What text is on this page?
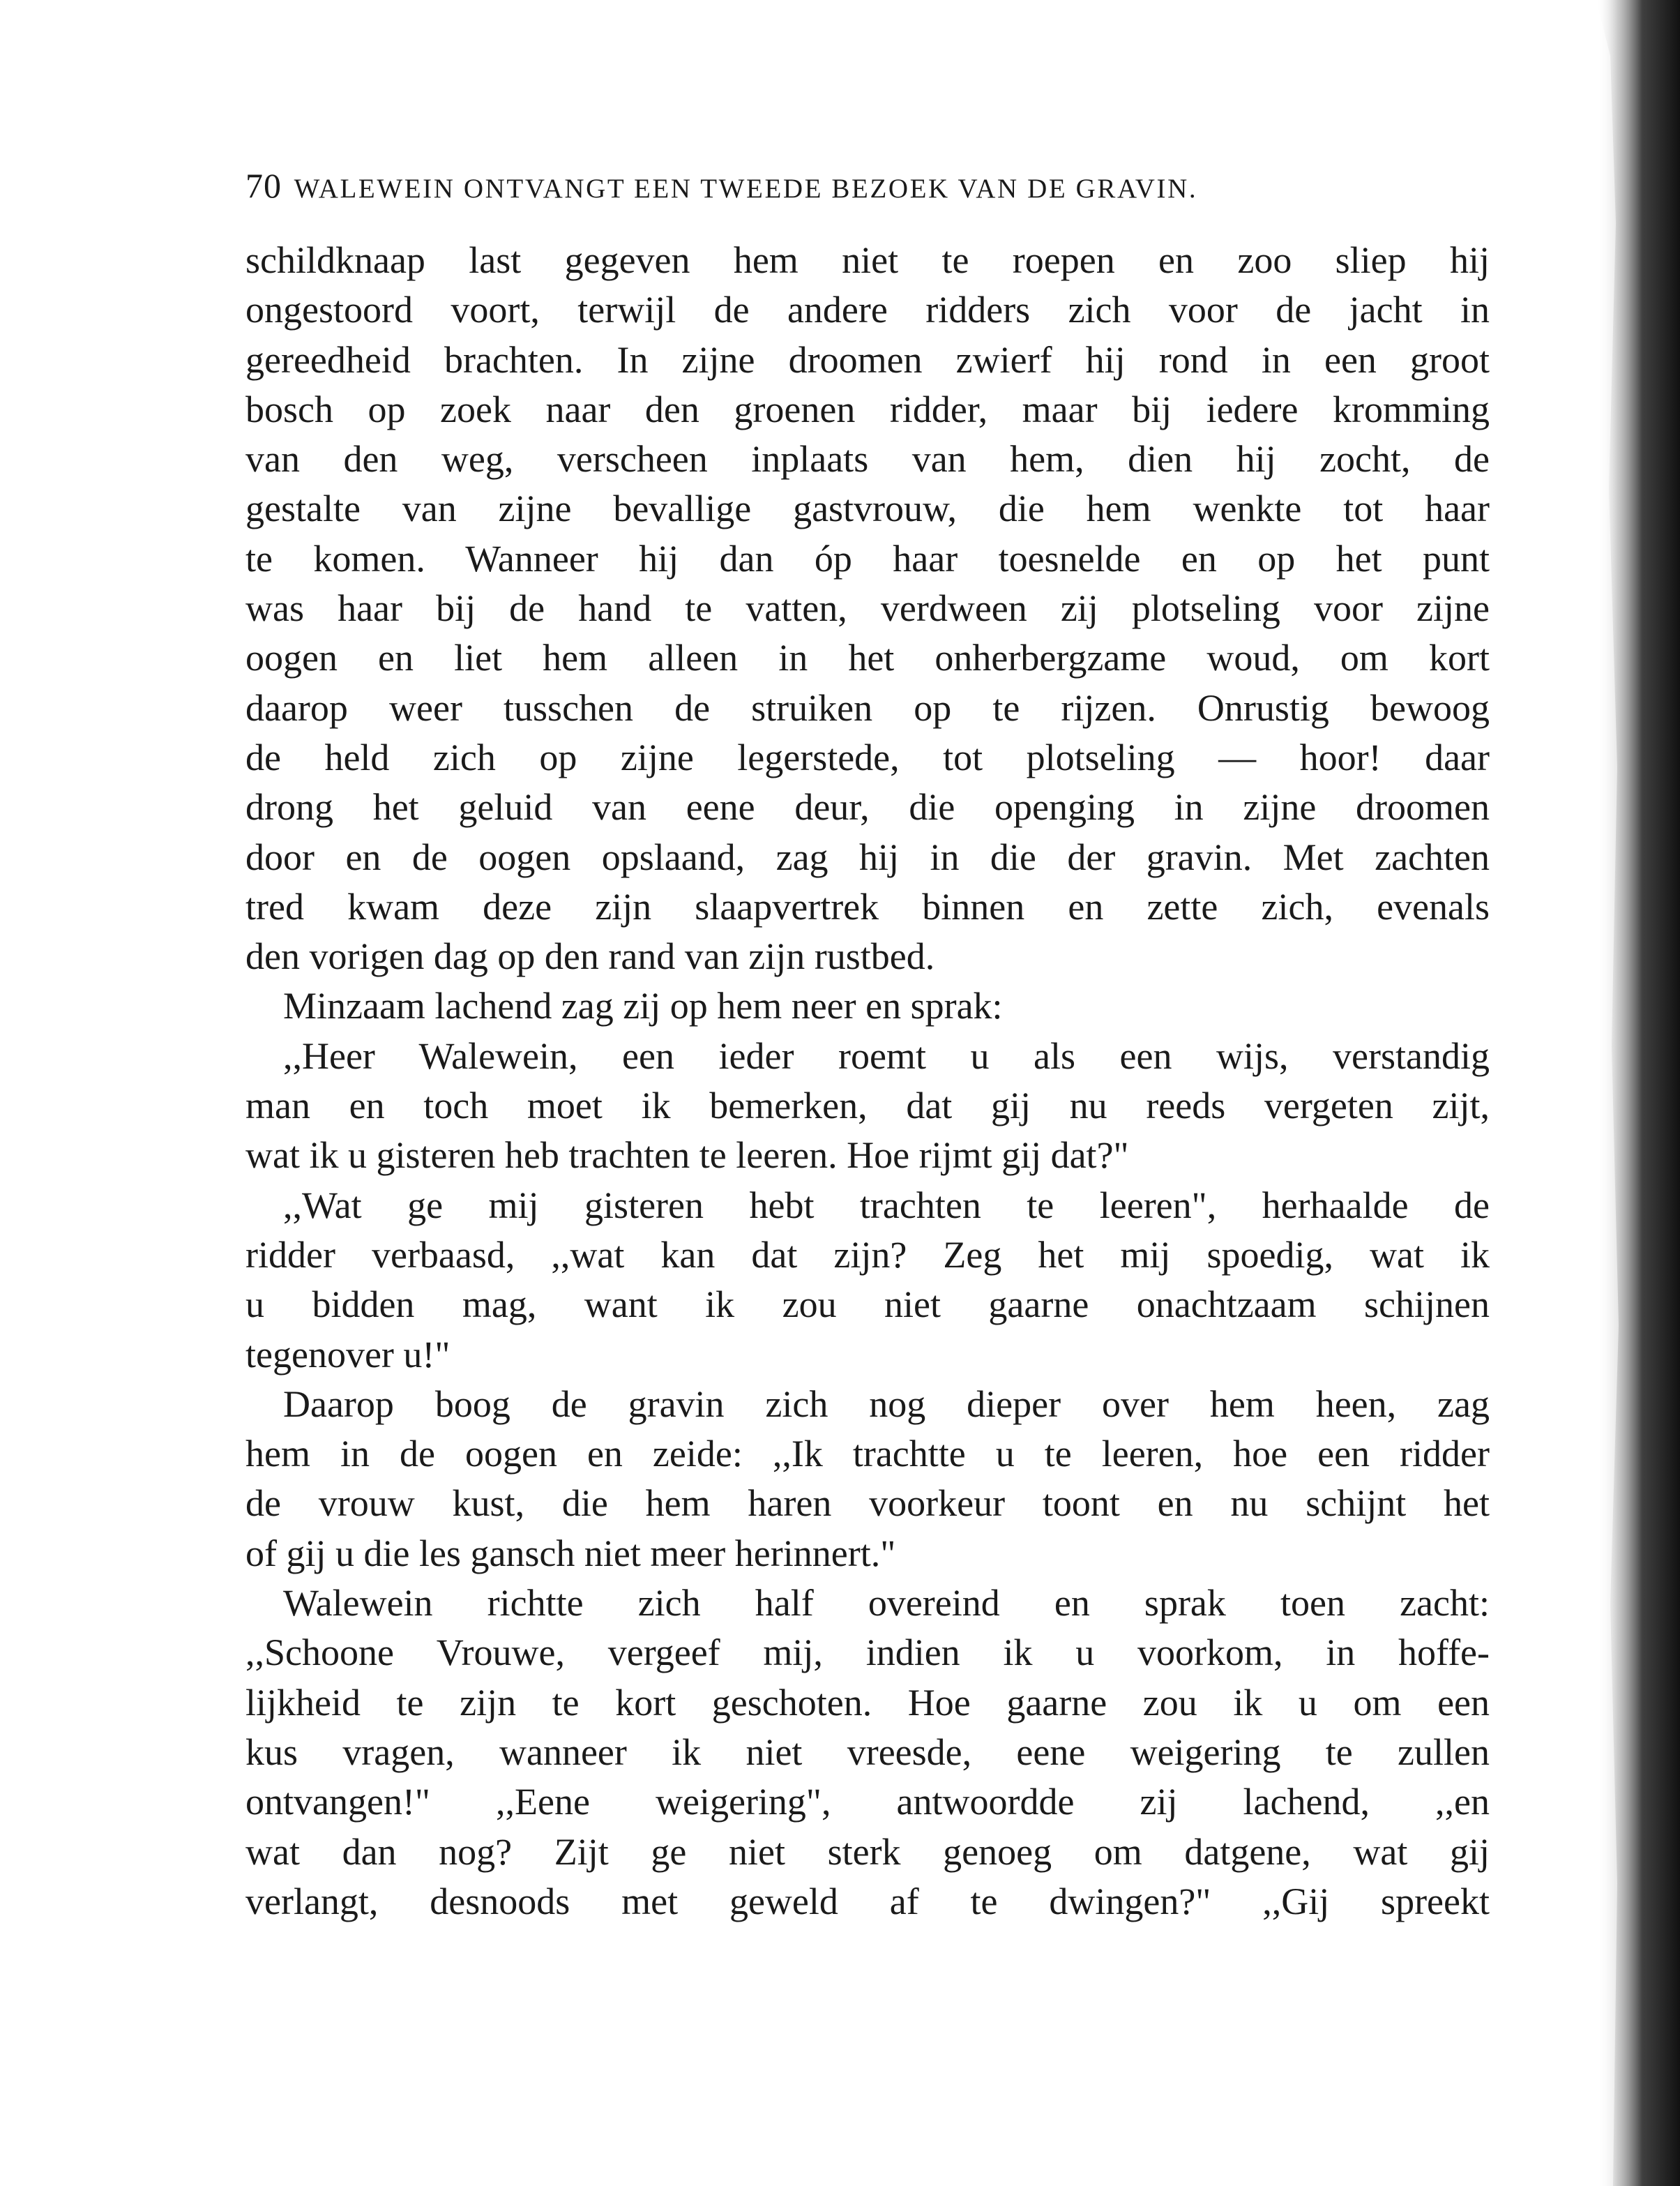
70 WALEWEIN ONTVANGT EEN TWEEDE BEZOEK VAN DE GRAVIN.
schildknaap last gegeven hem niet te roepen en zoo sliep hij
ongestoord voort, terwijl de andere ridders zich voor de jacht in
gereedheid brachten. In zijne droomen zwierf hij rond in een groot
bosch op zoek naar den groenen ridder, maar bij iedere kromming
van den weg, verscheen inplaats van hem, dien hij zocht, de
gestalte van zijne bevallige gastvrouw, die hem wenkte tot haar
te komen. Wanneer hij dan óp haar toesnelde en op het punt
was haar bij de hand te vatten, verdween zij plotseling voor zijne
oogen en liet hem alleen in het onherbergzame woud, om kort
daarop weer tusschen de struiken op te rijzen. Onrustig bewoog
de held zich op zijne legerstede, tot plotseling — hoor! daar
drong het geluid van eene deur, die opengіng in zijne droomen
door en de oogen opslaand, zag hij in die der gravin. Met zachten
tred kwam deze zijn slaapvertrek binnen en zette zich, evenals
den vorigen dag op den rand van zijn rustbed.
Minzaam lachend zag zij op hem neer en sprak:
,,Heer Walewein, een ieder roemt u als een wijs, verstandig
man en toch moet ik bemerken, dat gij nu reeds vergeten zijt,
wat ik u gisteren heb trachten te leeren. Hoe rijmt gij dat?"
,,Wat ge mij gisteren hebt trachten te leeren", herhaalde de
ridder verbaasd, ,,wat kan dat zijn? Zeg het mij spoedig, wat ik
u bidden mag, want ik zou niet gaarne onachtzaam schijnen
tegenover u!"
Daarop boog de gravin zich nog dieper over hem heen, zag
hem in de oogen en zeide: ,,Ik trachtte u te leeren, hoe een ridder
de vrouw kust, die hem haren voorkeur toont en nu schijnt het
of gij u die les gansch niet meer herinnert."
Walewein richtte zich half overeind en sprak toen zacht:
,,Schoone Vrouwe, vergeef mij, indien ik u voorkom, in hoffe-
lijkheid te zijn te kort geschoten. Hoe gaarne zou ik u om een
kus vragen, wanneer ik niet vreesde, eene weigering te zullen
ontvangen!" ,,Eene weigering", antwoordde zij lachend, ,,en
wat dan nog? Zijt ge niet sterk genoeg om datgene, wat gij
verlangt, desnoods met geweld af te dwingen?" ,,Gij spreekt
